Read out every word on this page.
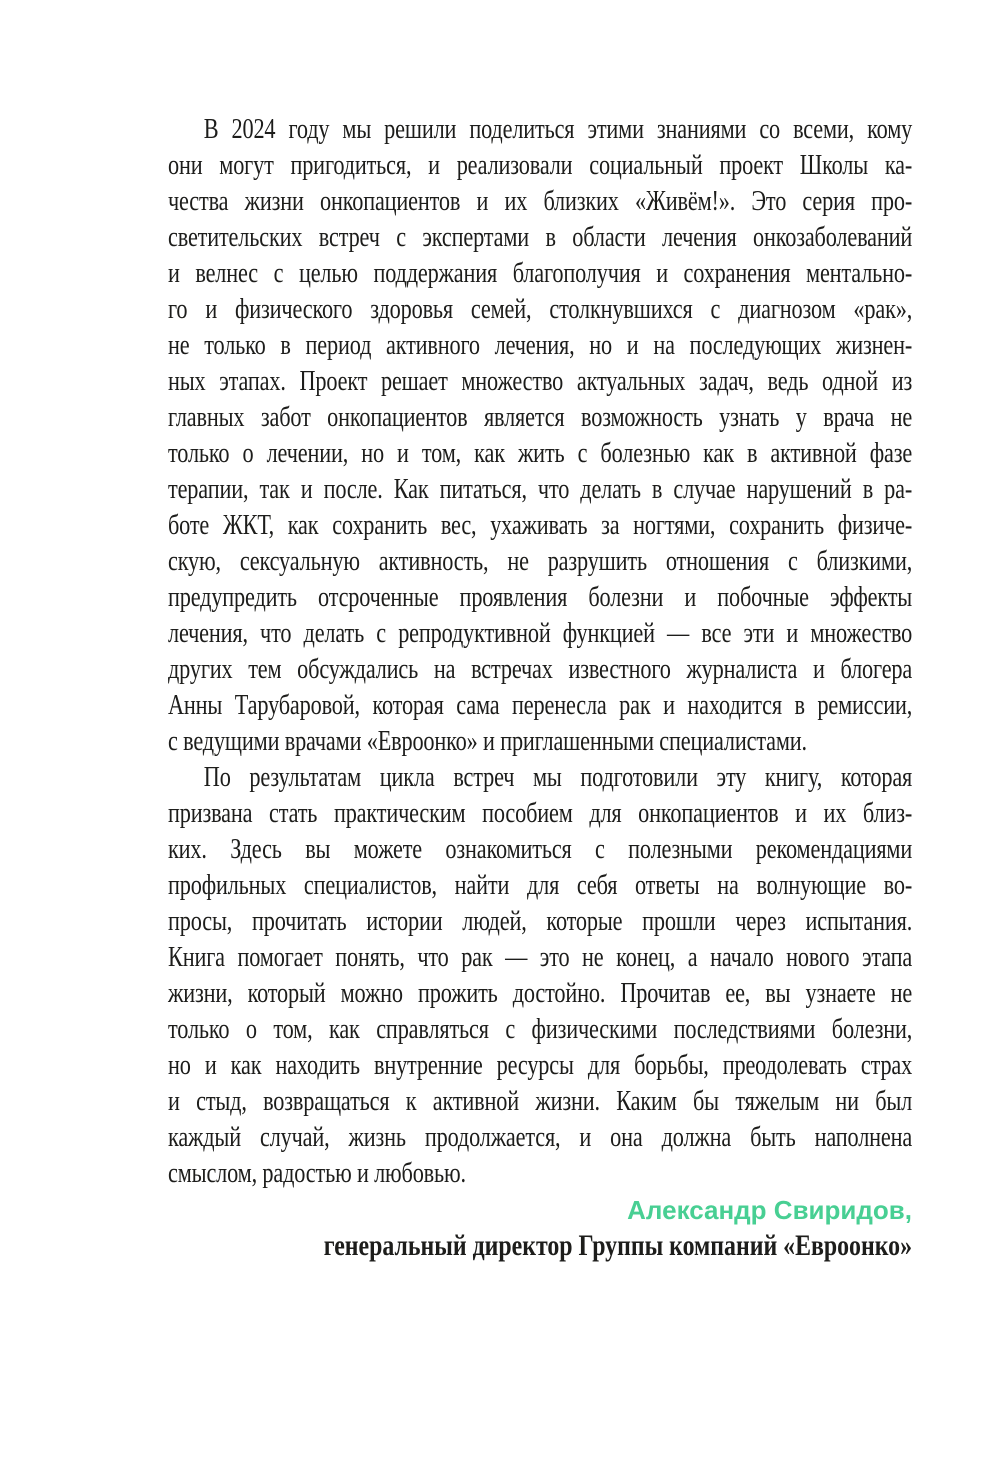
В 2024 году мы решили поделиться этими знаниями со всеми, кому
они могут пригодиться, и реализовали социальный проект Школы ка-
чества жизни онкопациентов и их близких «Живём!». Это серия про-
светительских встреч с экспертами в области лечения онкозаболеваний
и велнес с целью поддержания благополучия и сохранения ментально-
го и физического здоровья семей, столкнувшихся с диагнозом «рак»,
не только в период активного лечения, но и на последующих жизнен-
ных этапах. Проект решает множество актуальных задач, ведь одной из
главных забот онкопациентов является возможность узнать у врача не
только о лечении, но и том, как жить с болезнью как в активной фазе
терапии, так и после. Как питаться, что делать в случае нарушений в ра-
боте ЖКТ, как сохранить вес, ухаживать за ногтями, сохранить физиче-
скую, сексуальную активность, не разрушить отношения с близкими,
предупредить отсроченные проявления болезни и побочные эффекты
лечения, что делать с репродуктивной функцией — все эти и множество
других тем обсуждались на встречах известного журналиста и блогера
Анны Тарубаровой, которая сама перенесла рак и находится в ремиссии,
с ведущими врачами «Евроонко» и приглашенными специалистами.
По результатам цикла встреч мы подготовили эту книгу, которая
призвана стать практическим пособием для онкопациентов и их близ-
ких. Здесь вы можете ознакомиться с полезными рекомендациями
профильных специалистов, найти для себя ответы на волнующие во-
просы, прочитать истории людей, которые прошли через испытания.
Книга помогает понять, что рак — это не конец, а начало нового этапа
жизни, который можно прожить достойно. Прочитав ее, вы узнаете не
только о том, как справляться с физическими последствиями болезни,
но и как находить внутренние ресурсы для борьбы, преодолевать страх
и стыд, возвращаться к активной жизни. Каким бы тяжелым ни был
каждый случай, жизнь продолжается, и она должна быть наполнена
смыслом, радостью и любовью.
Александр Свиридов,
генеральный директор Группы компаний «Евроонко»
